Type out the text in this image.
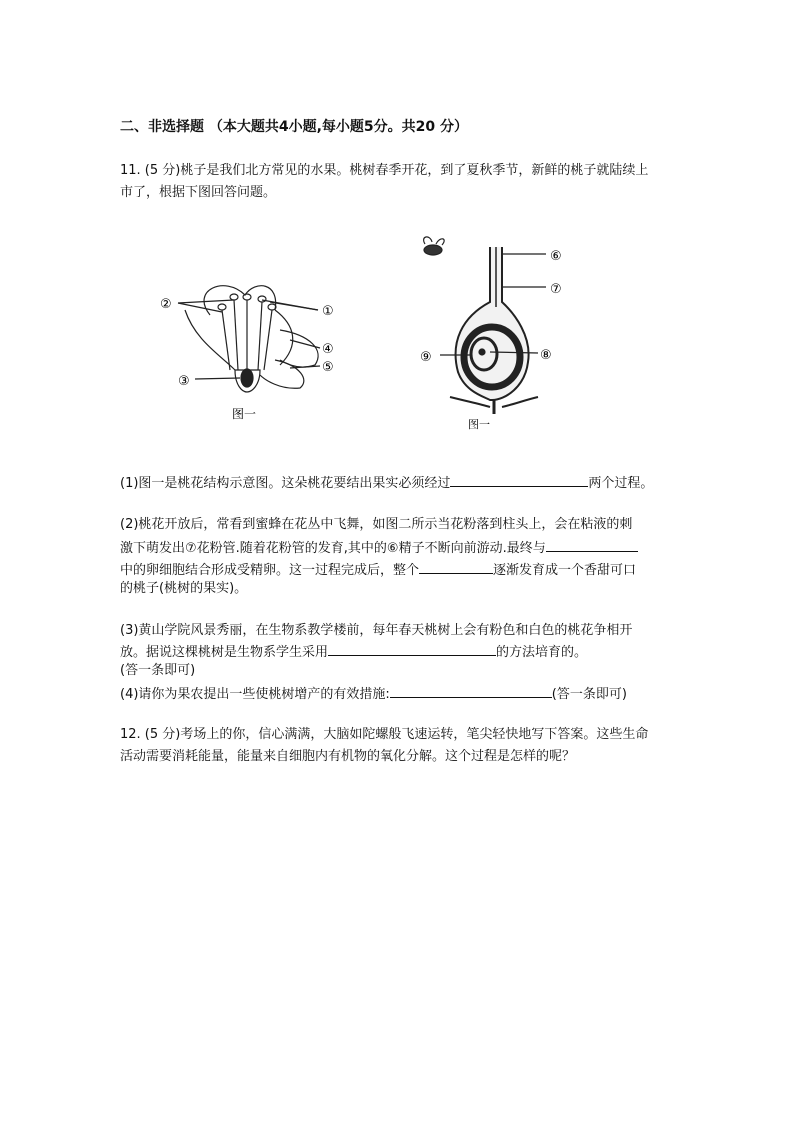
二、非选择题 （本大题共4小题,每小题5分。共20 分）
11. (5 分)桃子是我们北方常见的水果。桃树春季开花，到了夏秋季节，新鲜的桃子就陆续上
市了，根据下图回答问题。
②	①
④
⑤
③
图一
⑥
⑦
⑧
⑨
图一
(1)图一是桃花结构示意图。这朵桃花要结出果实必须经过	两个过程。
(2)桃花开放后，常看到蜜蜂在花丛中飞舞，如图二所示当花粉落到柱头上，会在粘液的刺
激下萌发出⑦花粉管.随着花粉管的发育,其中的⑥精子不断向前游动.最终与
中的卵细胞结合形成受精卵。这一过程完成后，整个	逐渐发育成一个香甜可口
的桃子(桃树的果实)。
(3)黄山学院风景秀丽，在生物系教学楼前，每年春天桃树上会有粉色和白色的桃花争相开
放。据说这棵桃树是生物系学生采用	的方法培育的。
(答一条即可)
(4)请你为果农提出一些使桃树增产的有效措施:	(答一条即可)
12. (5 分)考场上的你，信心满满，大脑如陀螺般飞速运转，笔尖轻快地写下答案。这些生命
活动需要消耗能量，能量来自细胞内有机物的氧化分解。这个过程是怎样的呢？
